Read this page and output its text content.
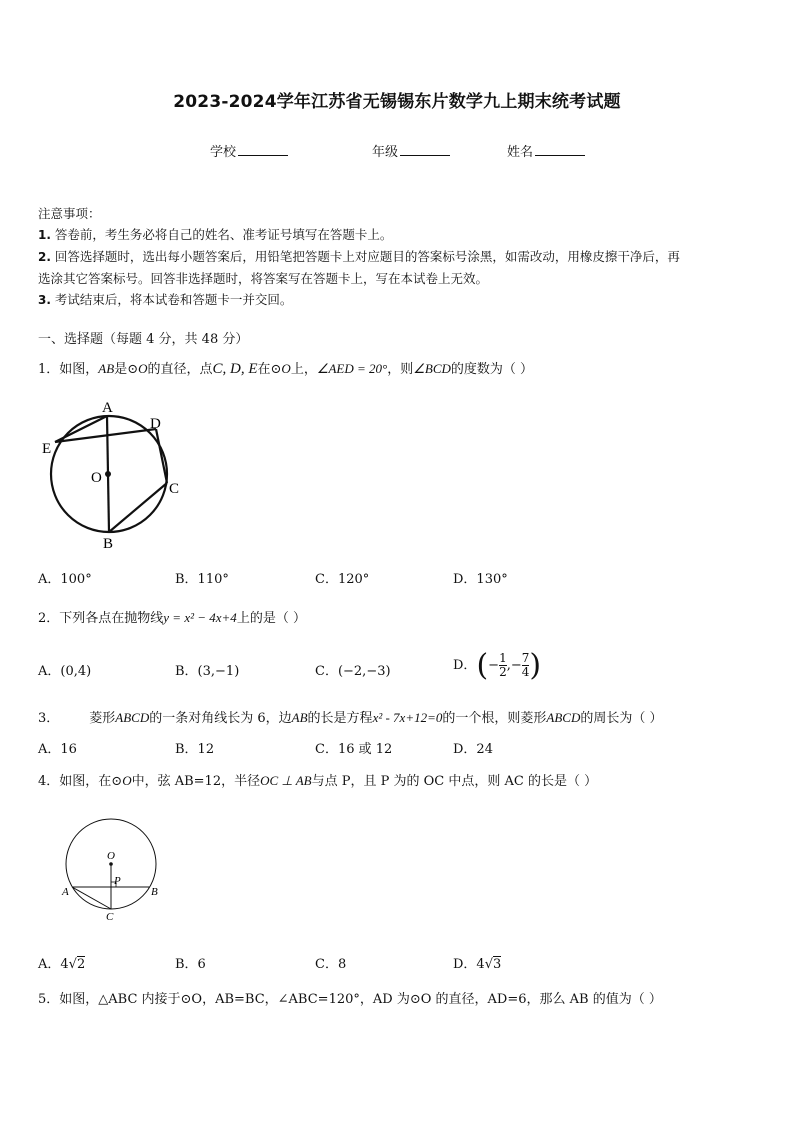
2023-2024学年江苏省无锡锡东片数学九上期末统考试题
学校	年级	姓名
注意事项：
1. 答卷前，考生务必将自己的姓名、准考证号填写在答题卡上。
2. 回答选择题时，选出每小题答案后，用铅笔把答题卡上对应题目的答案标号涂黑，如需改动，用橡皮擦干净后，再
选涂其它答案标号。回答非选择题时，将答案写在答题卡上，写在本试卷上无效。
3. 考试结束后，将本试卷和答题卡一并交回。
一、选择题（每题 4 分，共 48 分）
1．如图，AB是⊙O的直径，点C, D, E在⊙O上，∠AED = 20°，则∠BCD的度数为（ ）
A
B
C
D
E
O
A．100°	B．110°	C．120°	D．130°
2．下列各点在抛物线y = x² − 4x+4上的是（ ）
A．(0,4)	B．(3,−1)	C．(−2,−3)	D．(− $\frac{1}{2}$ ,− $\frac{7}{4}$ )
3． 菱形ABCD的一条对角线长为 6，边AB的长是方程x² - 7x+12=0的一个根，则菱形ABCD的周长为（ ）
A．16	B．12	C．16 或 12	D．24
4．如图，在⊙O中，弦 AB=12，半径OC ⊥ AB与点 P，且 P 为的 OC 中点，则 AC 的长是（ ）
O
P
A	B
C
A．4√2	B．6	C．8	D．4√3
5．如图，△ABC 内接于⊙O，AB=BC，∠ABC=120°，AD 为⊙O 的直径，AD=6，那么 AB 的值为（ ）
